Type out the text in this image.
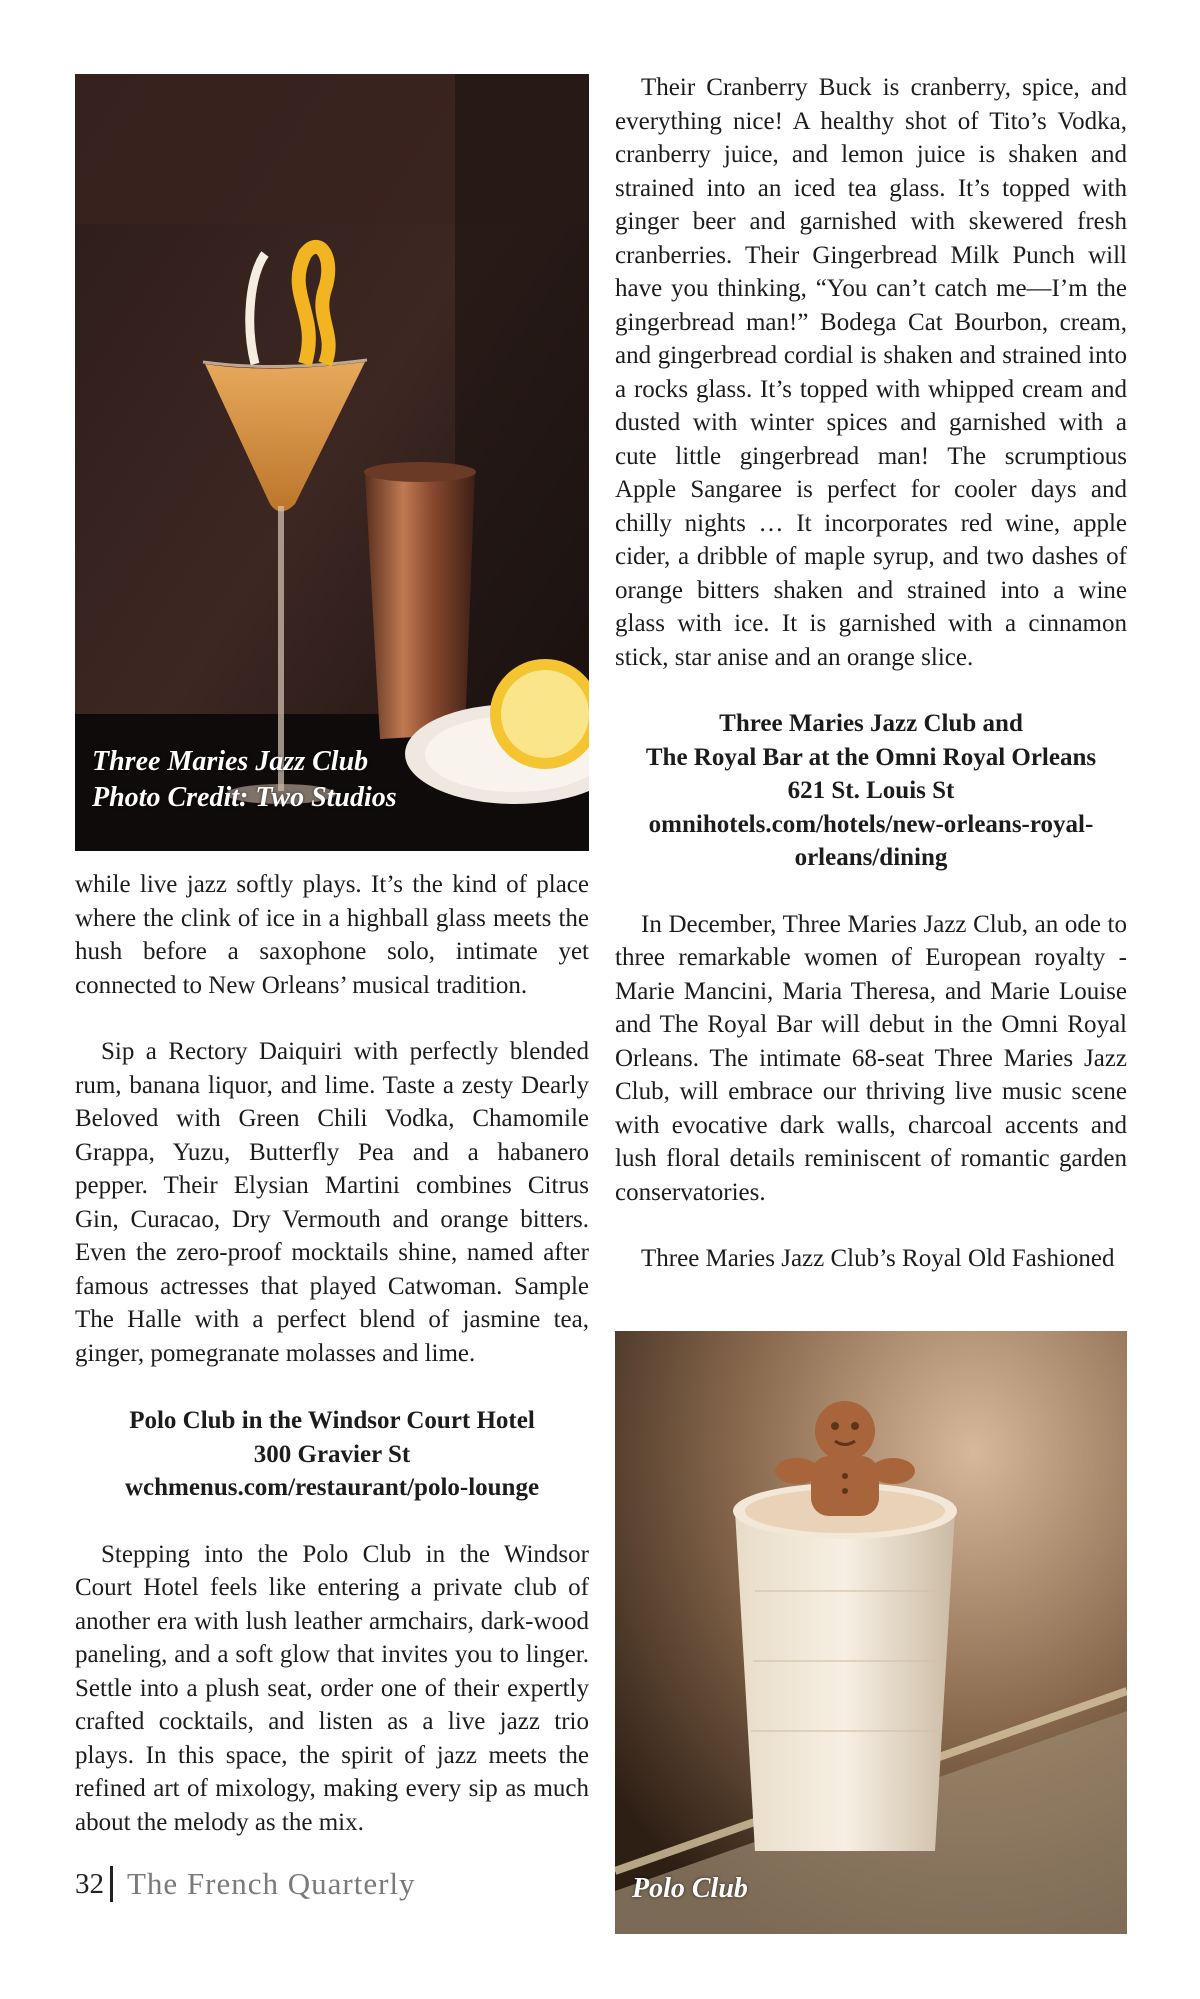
Three Maries Jazz Club
Photo Credit: Two Studios

while live jazz softly plays. It’s the kind of place where the clink of ice in a highball glass meets the hush before a saxophone solo, intimate yet connected to New Orleans’ musical tradition.

Sip a Rectory Daiquiri with perfectly blended rum, banana liquor, and lime. Taste a zesty Dearly Beloved with Green Chili Vodka, Chamomile Grappa, Yuzu, Butterfly Pea and a habanero pepper. Their Elysian Martini combines Citrus Gin, Curacao, Dry Vermouth and orange bitters. Even the zero-proof mocktails shine, named after famous actresses that played Catwoman. Sample The Halle with a perfect blend of jasmine tea, ginger, pomegranate molasses and lime.

Polo Club in the Windsor Court Hotel
300 Gravier St
wchmenus.com/restaurant/polo-lounge

Stepping into the Polo Club in the Windsor Court Hotel feels like entering a private club of another era with lush leather armchairs, dark-wood paneling, and a soft glow that invites you to linger. Settle into a plush seat, order one of their expertly crafted cocktails, and listen as a live jazz trio plays. In this space, the spirit of jazz meets the refined art of mixology, making every sip as much about the melody as the mix.

Their Cranberry Buck is cranberry, spice, and everything nice! A healthy shot of Tito’s Vodka, cranberry juice, and lemon juice is shaken and strained into an iced tea glass. It’s topped with ginger beer and garnished with skewered fresh cranberries. Their Gingerbread Milk Punch will have you thinking, “You can’t catch me—I’m the gingerbread man!” Bodega Cat Bourbon, cream, and gingerbread cordial is shaken and strained into a rocks glass. It’s topped with whipped cream and dusted with winter spices and garnished with a cute little gingerbread man! The scrumptious Apple Sangaree is perfect for cooler days and chilly nights … It incorporates red wine, apple cider, a dribble of maple syrup, and two dashes of orange bitters shaken and strained into a wine glass with ice. It is garnished with a cinnamon stick, star anise and an orange slice.

Three Maries Jazz Club and
The Royal Bar at the Omni Royal Orleans
621 St. Louis St
omnihotels.com/hotels/new-orleans-royal-
orleans/dining

In December, Three Maries Jazz Club, an ode to three remarkable women of European royalty - Marie Mancini, Maria Theresa, and Marie Louise and The Royal Bar will debut in the Omni Royal Orleans. The intimate 68-seat Three Maries Jazz Club, will embrace our thriving live music scene with evocative dark walls, charcoal accents and lush floral details reminiscent of romantic garden conservatories.

Three Maries Jazz Club’s Royal Old Fashioned

Polo Club
32 The French Quarterly
